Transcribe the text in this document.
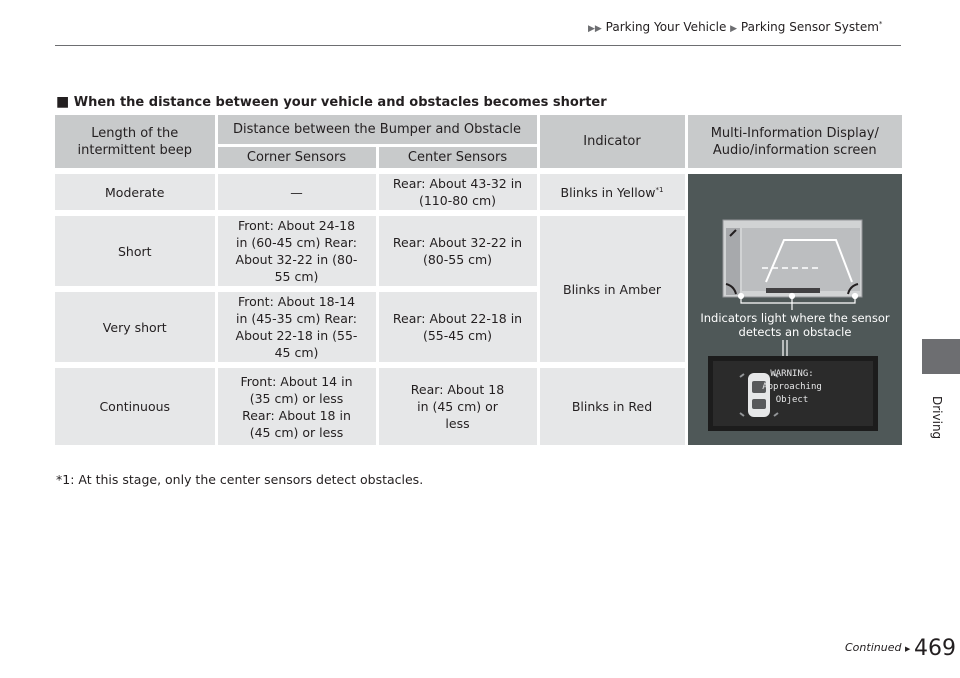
▶▶ Parking Your Vehicle ▶ Parking Sensor System*
■ When the distance between your vehicle and obstacles becomes shorter
Length of the intermittent beep	Distance between the Bumper and Obstacle		Indicator	Multi-Information Display/ Audio/information screen
	Corner Sensors	Center Sensors		
Moderate	—	Rear: About 43-32 in (110-80 cm)	Blinks in Yellow$^{*1}$	
Short	Front: About 24-18 in (60-45 cm) Rear: About 32-22 in (80-55 cm)	Rear: About 32-22 in (80-55 cm)	Blinks in Amber	
Very short	Front: About 18-14 in (45-35 cm) Rear: About 22-18 in (55-45 cm)	Rear: About 22-18 in (55-45 cm)		
Continuous	Front: About 14 in (35 cm) or less Rear: About 18 in (45 cm) or less	Rear: About 18 in (45 cm) or less	Blinks in Red	
Indicators light where the sensor detects an obstacle
WARNING: Approaching Object
*1: At this stage, only the center sensors detect obstacles.
Driving
Continued ▶ 469
